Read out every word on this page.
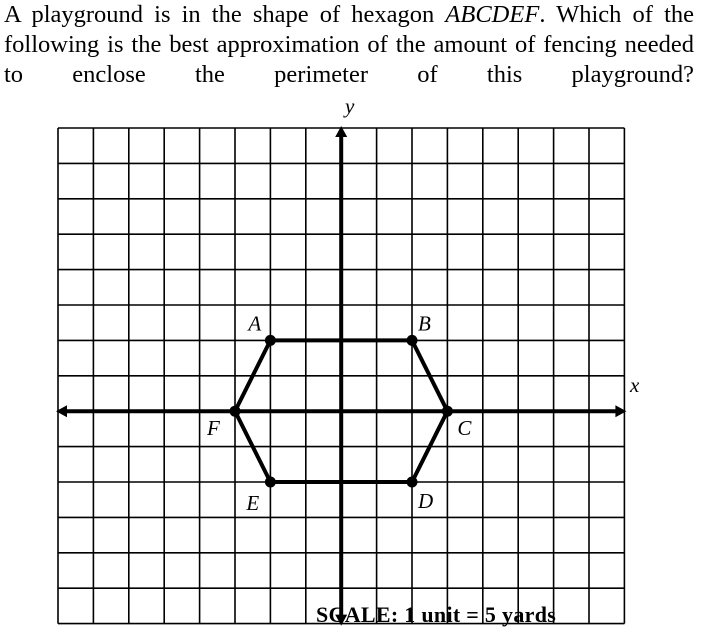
A playground is in the shape of hexagon ABCDEF. Which of the following is the best approximation of the amount of fencing needed to enclose the perimeter of this playground?
A	B
C
D
E
F
x
y
SCALE: 1 unit = 5 yards
